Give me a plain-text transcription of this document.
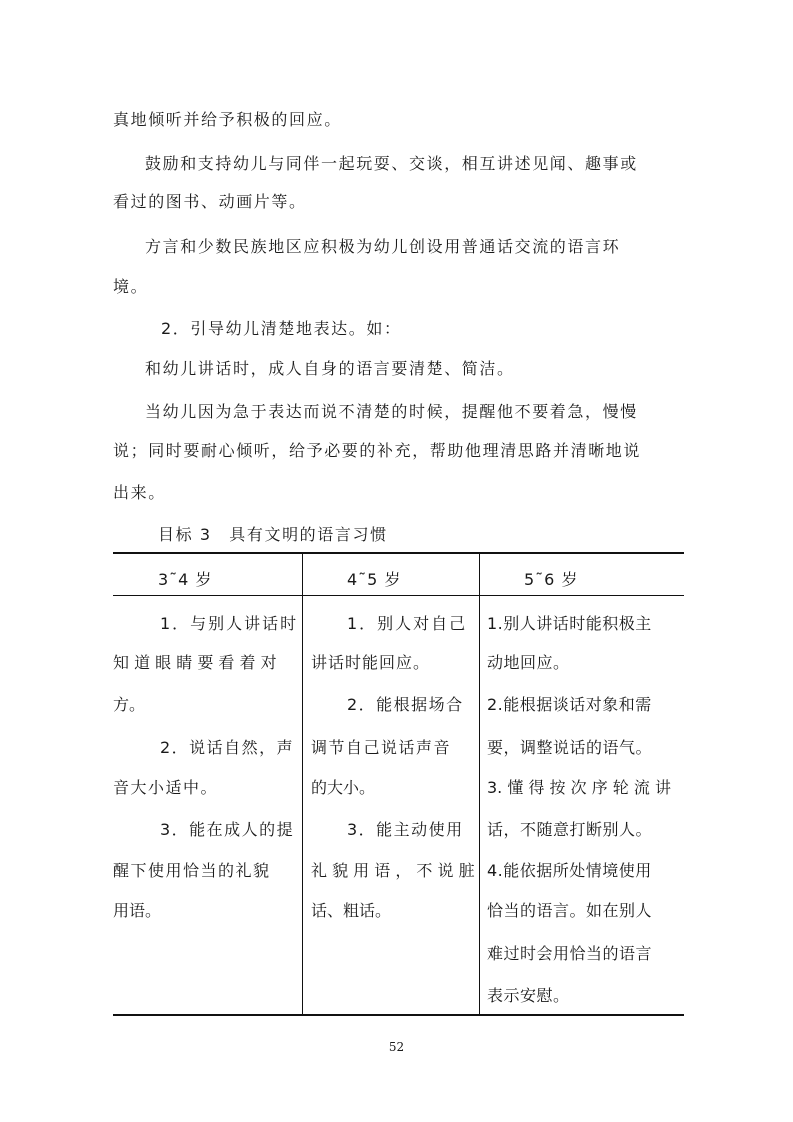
真地倾听并给予积极的回应。
鼓励和支持幼儿与同伴一起玩耍、交谈，相互讲述见闻、趣事或
看过的图书、动画片等。
方言和少数民族地区应积极为幼儿创设用普通话交流的语言环
境。
2．引导幼儿清楚地表达。如：
和幼儿讲话时，成人自身的语言要清楚、简洁。
当幼儿因为急于表达而说不清楚的时候，提醒他不要着急，慢慢
说；同时要耐心倾听，给予必要的补充，帮助他理清思路并清晰地说
出来。
目标 3　具有文明的语言习惯
3˜4 岁	4˜5 岁	5˜6 岁
1．与别人讲话时
知 道 眼 睛 要 看 着 对
方。
2．说话自然，声
音大小适中。
3．能在成人的提
醒下使用恰当的礼貌
用语。
1．别人对自己
讲话时能回应。
2．能根据场合
调节自己说话声音
的大小。
3．能主动使用
礼 貌 用 语 ， 不 说 脏
话、粗话。
1.别人讲话时能积极主
动地回应。
2.能根据谈话对象和需
要，调整说话的语气。
3. 懂 得 按 次 序 轮 流 讲
话，不随意打断别人。
4.能依据所处情境使用
恰当的语言。如在别人
难过时会用恰当的语言
表示安慰。
52
